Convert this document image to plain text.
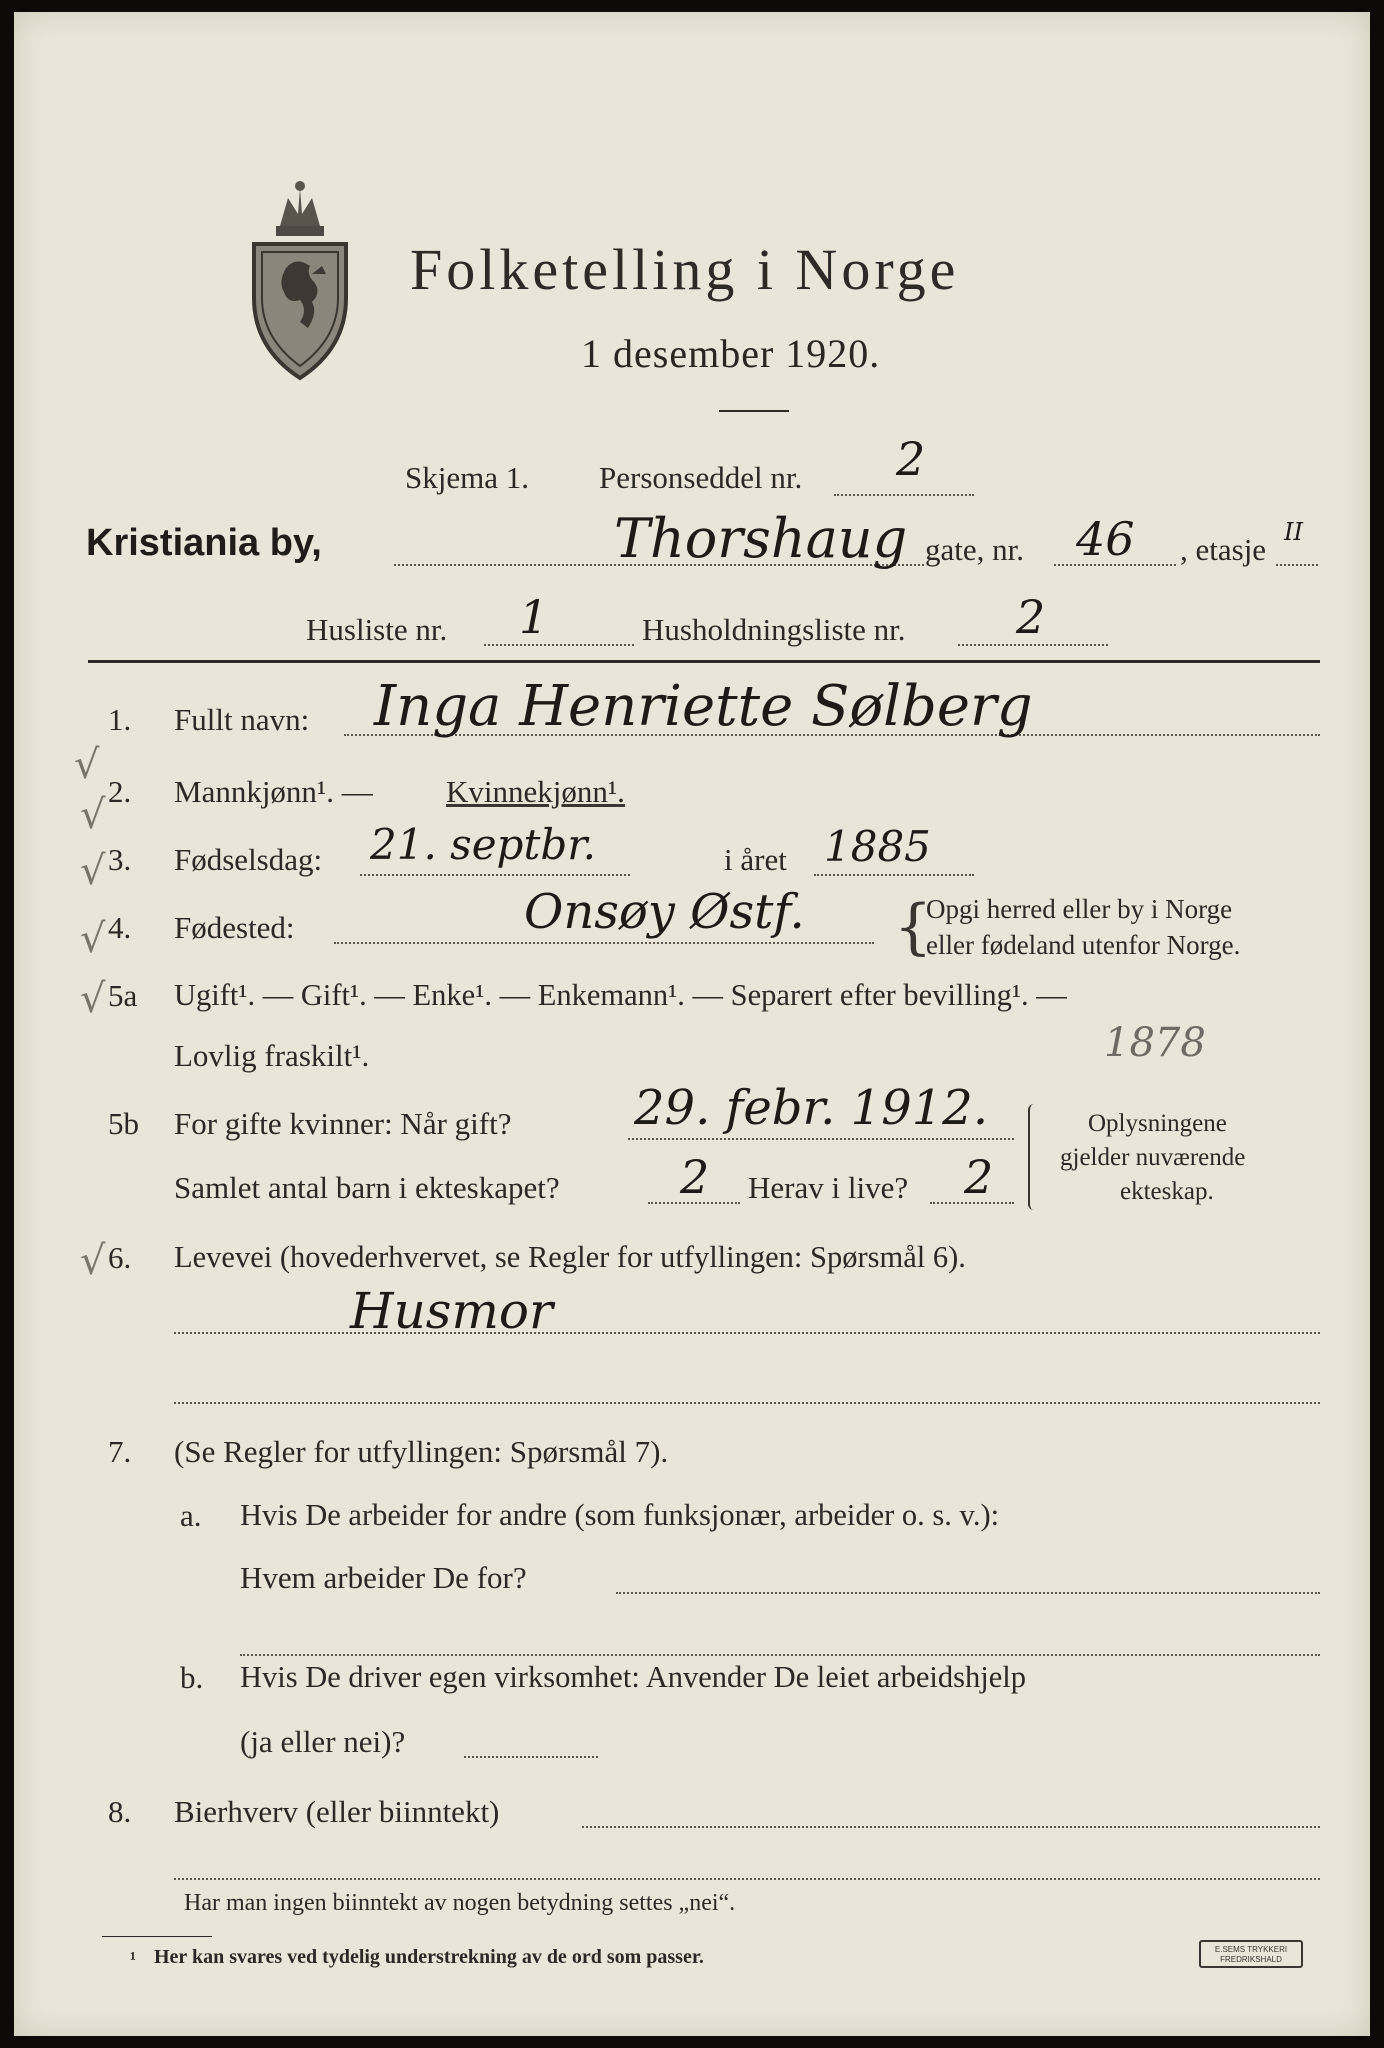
Folketelling i Norge
1 desember 1920.
Skjema 1. Personseddel nr. 2
Kristiania by,	Thorshaug gate, nr. 46 , etasje II
Husliste nr. 1	Husholdningsliste nr. 2
√
1. Fullt navn: Inga Henriette Sølberg
√
2. Mannkjønn¹. — Kvinnekjønn¹.
√ 3. Fødselsdag: 21. septbr.	i året 1885
√ 4. Fødested:	Onsøy Østf. {
Opgi herred eller by i Norge
eller fødeland utenfor Norge.
√ 5a Ugift¹. — Gift¹. — Enke¹. — Enkemann¹. — Separert efter bevilling¹. —
Lovlig fraskilt¹.	1878
5b For gifte kvinner: Når gift?	29. febr. 1912.
Samlet antal barn i ekteskapet?	2 Herav i live? 2
Oplysningene
gjelder nuværende
ekteskap.
√ 6. Levevei (hovederhvervet, se Regler for utfyllingen: Spørsmål 6).
Husmor
7. (Se Regler for utfyllingen: Spørsmål 7).
a. Hvis De arbeider for andre (som funksjonær, arbeider o. s. v.):
Hvem arbeider De for?
b. Hvis De driver egen virksomhet: Anvender De leiet arbeidshjelp
(ja eller nei)?
8. Bierhverv (eller biinntekt)
Har man ingen biinntekt av nogen betydning settes „nei“.
¹ Her kan svares ved tydelig understrekning av de ord som passer.	E.SEMS TRYKKERI
FREDRIKSHALD
